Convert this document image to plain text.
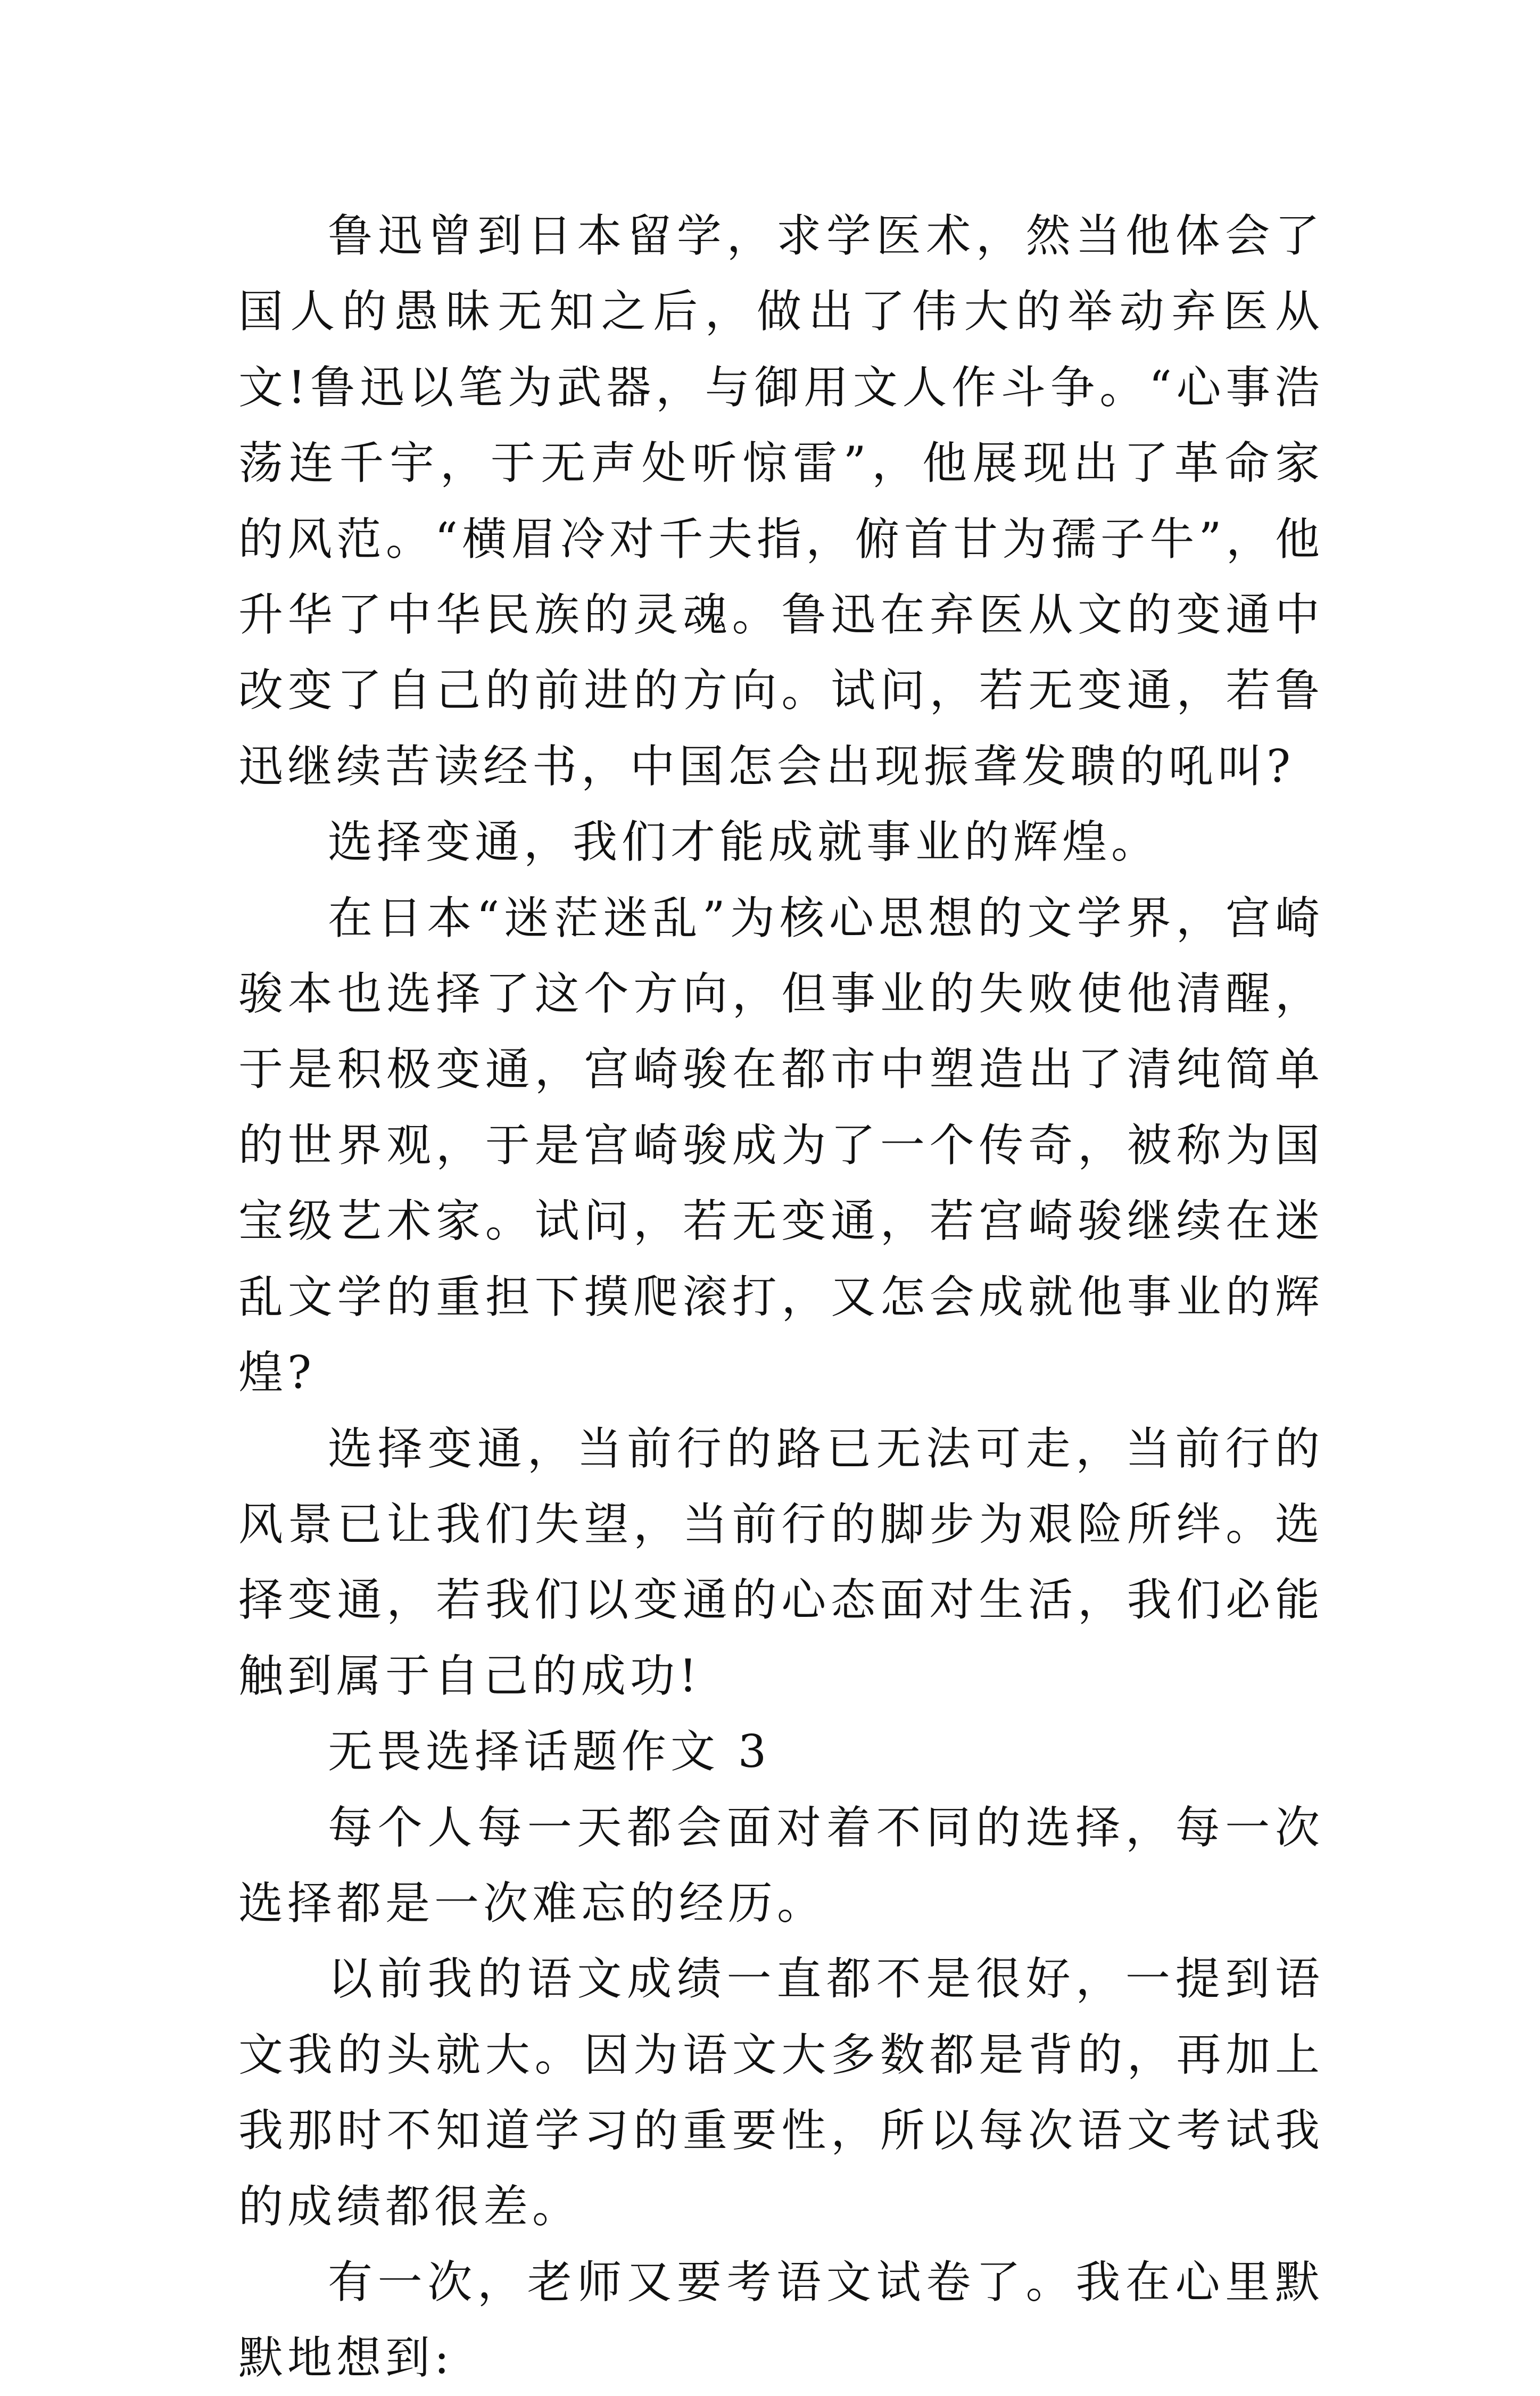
鲁迅曾到日本留学，求学医术，然当他体会了国人的愚昧无知之后，做出了伟大的举动弃医从文!鲁迅以笔为武器，与御用文人作斗争。“心事浩荡连千宇，于无声处听惊雷”，他展现出了革命家的风范。“横眉冷对千夫指，俯首甘为孺子牛”，他升华了中华民族的灵魂。鲁迅在弃医从文的变通中改变了自己的前进的方向。试问，若无变通，若鲁迅继续苦读经书，中国怎会出现振聋发聩的吼叫?

选择变通，我们才能成就事业的辉煌。

在日本“迷茫迷乱”为核心思想的文学界，宫崎骏本也选择了这个方向，但事业的失败使他清醒，于是积极变通，宫崎骏在都市中塑造出了清纯简单的世界观，于是宫崎骏成为了一个传奇，被称为国宝级艺术家。试问，若无变通，若宫崎骏继续在迷乱文学的重担下摸爬滚打，又怎会成就他事业的辉煌?

选择变通，当前行的路已无法可走，当前行的风景已让我们失望，当前行的脚步为艰险所绊。选择变通，若我们以变通的心态面对生活，我们必能触到属于自己的成功!

无畏选择话题作文 3

每个人每一天都会面对着不同的选择，每一次选择都是一次难忘的经历。

以前我的语文成绩一直都不是很好，一提到语文我的头就大。因为语文大多数都是背的，再加上我那时不知道学习的重要性，所以每次语文考试我的成绩都很差。

有一次，老师又要考语文试卷了。我在心里默默地想到:
